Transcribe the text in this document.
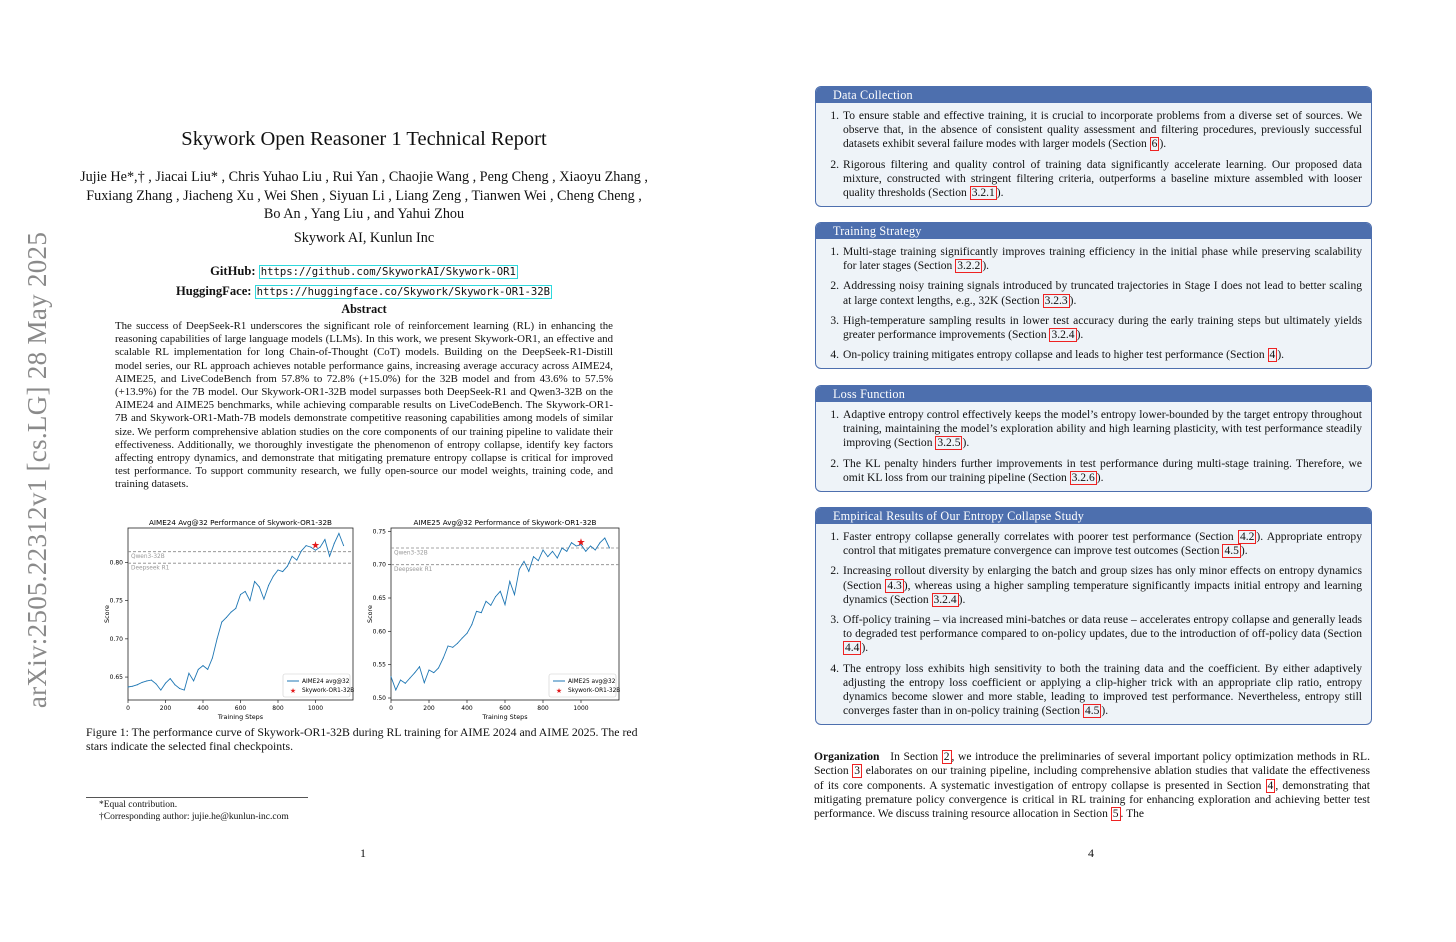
arXiv:2505.22312v1 [cs.LG] 28 May 2025
Skywork Open Reasoner 1 Technical Report
Jujie He*,† , Jiacai Liu* , Chris Yuhao Liu , Rui Yan , Chaojie Wang , Peng Cheng , Xiaoyu Zhang , Fuxiang Zhang , Jiacheng Xu , Wei Shen , Siyuan Li , Liang Zeng , Tianwen Wei , Cheng Cheng , Bo An , Yang Liu , and Yahui Zhou
Skywork AI, Kunlun Inc
GitHub: https://github.com/SkyworkAI/Skywork-OR1
HuggingFace: https://huggingface.co/Skywork/Skywork-OR1-32B
Abstract
The success of DeepSeek-R1 underscores the significant role of reinforcement learning (RL) in enhancing the reasoning capabilities of large language models (LLMs). In this work, we present Skywork-OR1, an effective and scalable RL implementation for long Chain-of-Thought (CoT) models. Building on the DeepSeek-R1-Distill model series, our RL approach achieves notable performance gains, increasing average accuracy across AIME24, AIME25, and LiveCodeBench from 57.8% to 72.8% (+15.0%) for the 32B model and from 43.6% to 57.5% (+13.9%) for the 7B model. Our Skywork-OR1-32B model surpasses both DeepSeek-R1 and Qwen3-32B on the AIME24 and AIME25 benchmarks, while achieving comparable results on LiveCodeBench. The Skywork-OR1-7B and Skywork-OR1-Math-7B models demonstrate competitive reasoning capabilities among models of similar size. We perform comprehensive ablation studies on the core components of our training pipeline to validate their effectiveness. Additionally, we thoroughly investigate the phenomenon of entropy collapse, identify key factors affecting entropy dynamics, and demonstrate that mitigating premature entropy collapse is critical for improved test performance. To support community research, we fully open-source our model weights, training code, and training datasets.
AIME24 Avg@32 Performance of Skywork-OR1-32B
0	200	400	600	800	1000
0.65
0.70
0.75
0.80
Training Steps
Score
Qwen3-32B
Deepseek R1
★
AIME24 avg@32
★ Skywork-OR1-32B
AIME25 Avg@32 Performance of Skywork-OR1-32B
0	200	400	600	800	1000
0.50
0.55
0.60
0.65
0.70
0.75
Training Steps
Score
Qwen3-32B
Deepseek R1
★
AIME25 avg@32
★ Skywork-OR1-32B
Figure 1: The performance curve of Skywork-OR1-32B during RL training for AIME 2024 and AIME 2025. The red stars indicate the selected final checkpoints.
*Equal contribution.
†Corresponding author: jujie.he@kunlun-inc.com
1
Data Collection
1. To ensure stable and effective training, it is crucial to incorporate problems from a diverse set of sources. We observe that, in the absence of consistent quality assessment and filtering procedures, previously successful datasets exhibit several failure modes with larger models (Section 6 ).
2. Rigorous filtering and quality control of training data significantly accelerate learning. Our proposed data mixture, constructed with stringent filtering criteria, outperforms a baseline mixture assembled with looser quality thresholds (Section 3.2.1 ).
Training Strategy
1. Multi-stage training significantly improves training efficiency in the initial phase while preserving scalability for later stages (Section 3.2.2 ).
2. Addressing noisy training signals introduced by truncated trajectories in Stage I does not lead to better scaling at large context lengths, e.g., 32K (Section 3.2.3 ).
3. High-temperature sampling results in lower test accuracy during the early training steps but ultimately yields greater performance improvements (Section 3.2.4 ).
4. On-policy training mitigates entropy collapse and leads to higher test performance (Section 4 ).
Loss Function
1. Adaptive entropy control effectively keeps the model’s entropy lower-bounded by the target entropy throughout training, maintaining the model’s exploration ability and high learning plasticity, with test performance steadily improving (Section 3.2.5 ).
2. The KL penalty hinders further improvements in test performance during multi-stage training. Therefore, we omit KL loss from our training pipeline (Section 3.2.6 ).
Empirical Results of Our Entropy Collapse Study
1. Faster entropy collapse generally correlates with poorer test performance (Section 4.2 ). Appropriate entropy control that mitigates premature convergence can improve test outcomes (Section 4.5 ).
2. Increasing rollout diversity by enlarging the batch and group sizes has only minor effects on entropy dynamics (Section 4.3 ), whereas using a higher sampling temperature significantly impacts initial entropy and learning dynamics (Section 3.2.4 ).
3. Off-policy training – via increased mini-batches or data reuse – accelerates entropy collapse and generally leads to degraded test performance compared to on-policy updates, due to the introduction of off-policy data (Section 4.4 ).
4. The entropy loss exhibits high sensitivity to both the training data and the coefficient. By either adaptively adjusting the entropy loss coefficient or applying a clip-higher trick with an appropriate clip ratio, entropy dynamics become slower and more stable, leading to improved test performance. Nevertheless, entropy still converges faster than in on-policy training (Section 4.5 ).
Organization In Section 2 , we introduce the preliminaries of several important policy optimization methods in RL. Section 3 elaborates on our training pipeline, including comprehensive ablation studies that validate the effectiveness of its core components. A systematic investigation of entropy collapse is presented in Section 4 , demonstrating that mitigating premature policy convergence is critical in RL training for enhancing exploration and achieving better test performance. We discuss training resource allocation in Section 5 . The
4
